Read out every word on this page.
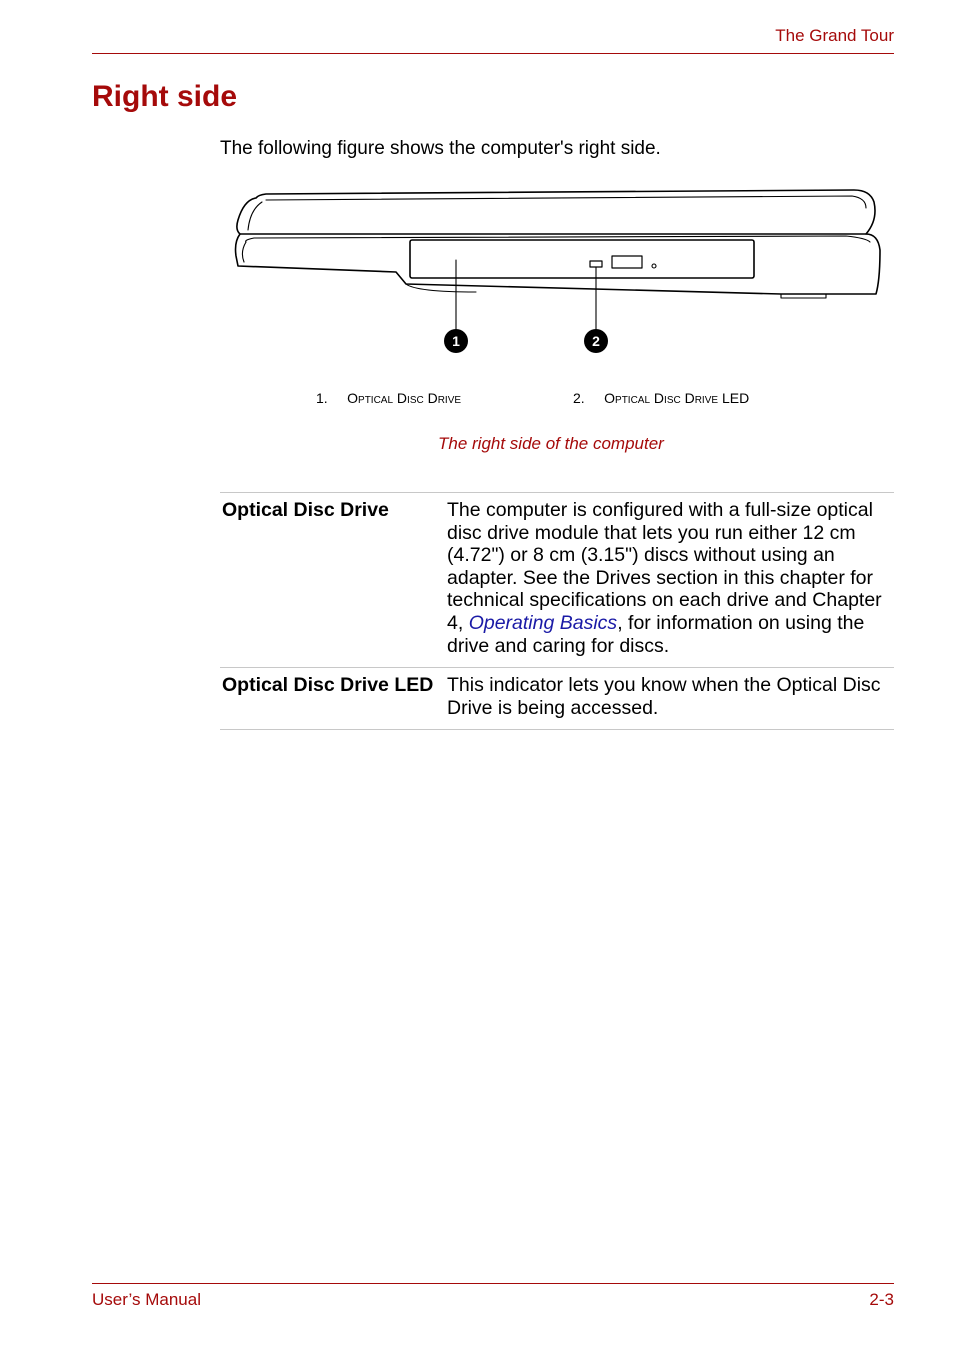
The Grand Tour
Right side
The following figure shows the computer's right side.
1	2
1. Optical Disc Drive	2. Optical Disc Drive LED
The right side of the computer
Optical Disc Drive	The computer is configured with a full-size optical disc drive module that lets you run either 12 cm (4.72") or 8 cm (3.15") discs without using an adapter. See the Drives section in this chapter for technical specifications on each drive and Chapter 4, Operating Basics, for information on using the drive and caring for discs.
Optical Disc Drive LED	This indicator lets you know when the Optical Disc Drive is being accessed.
User’s Manual	2-3
